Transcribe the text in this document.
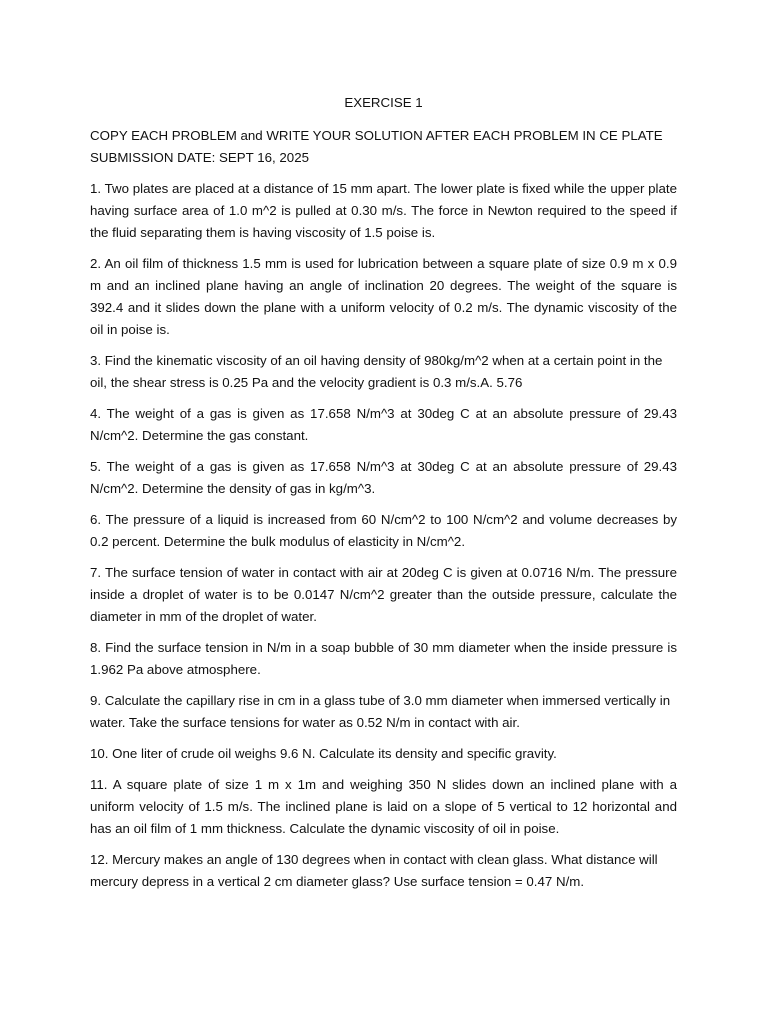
EXERCISE 1

COPY EACH PROBLEM and WRITE YOUR SOLUTION AFTER EACH PROBLEM IN CE PLATE

SUBMISSION DATE: SEPT 16, 2025

1. Two plates are placed at a distance of 15 mm apart. The lower plate is fixed while the upper plate having surface area of 1.0 m^2 is pulled at 0.30 m/s. The force in Newton required to the speed if the fluid separating them is having viscosity of 1.5 poise is.

2. An oil film of thickness 1.5 mm is used for lubrication between a square plate of size 0.9 m x 0.9 m and an inclined plane having an angle of inclination 20 degrees. The weight of the square is 392.4 and it slides down the plane with a uniform velocity of 0.2 m/s. The dynamic viscosity of the oil in poise is.

3. Find the kinematic viscosity of an oil having density of 980kg/m^2 when at a certain point in the oil, the shear stress is 0.25 Pa and the velocity gradient is 0.3 m/s.A. 5.76

4. The weight of a gas is given as 17.658 N/m^3 at 30deg C at an absolute pressure of 29.43 N/cm^2. Determine the gas constant.

5. The weight of a gas is given as 17.658 N/m^3 at 30deg C at an absolute pressure of 29.43 N/cm^2. Determine the density of gas in kg/m^3.

6. The pressure of a liquid is increased from 60 N/cm^2 to 100 N/cm^2 and volume decreases by 0.2 percent. Determine the bulk modulus of elasticity in N/cm^2.

7. The surface tension of water in contact with air at 20deg C is given at 0.0716 N/m. The pressure inside a droplet of water is to be 0.0147 N/cm^2 greater than the outside pressure, calculate the diameter in mm of the droplet of water.

8. Find the surface tension in N/m in a soap bubble of 30 mm diameter when the inside pressure is 1.962 Pa above atmosphere.

9. Calculate the capillary rise in cm in a glass tube of 3.0 mm diameter when immersed vertically in water. Take the surface tensions for water as 0.52 N/m in contact with air.

10. One liter of crude oil weighs 9.6 N. Calculate its density and specific gravity.

11. A square plate of size 1 m x 1m and weighing 350 N slides down an inclined plane with a uniform velocity of 1.5 m/s. The inclined plane is laid on a slope of 5 vertical to 12 horizontal and has an oil film of 1 mm thickness. Calculate the dynamic viscosity of oil in poise.

12. Mercury makes an angle of 130 degrees when in contact with clean glass. What distance will mercury depress in a vertical 2 cm diameter glass? Use surface tension = 0.47 N/m.
